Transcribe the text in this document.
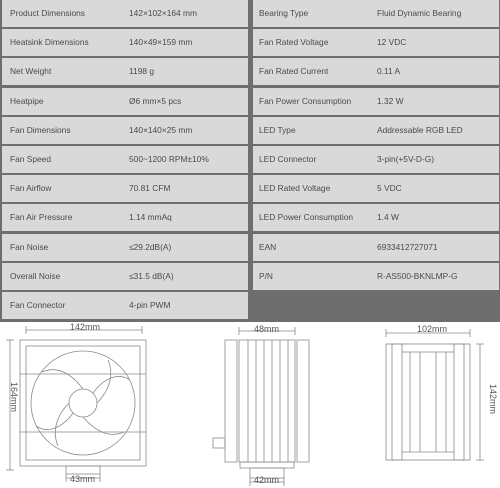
Product Dimensions	142×102×164 mm
Heatsink Dimensions	140×49×159 mm
Net Weight	1198 g
Heatpipe	Ø6 mm×5 pcs
Fan Dimensions	140×140×25 mm
Fan Speed	500~1200 RPM±10%
Fan Airflow	70.81 CFM
Fan Air Pressure	1.14 mmAq
Fan Noise	≤29.2dB(A)
Overall Noise	≤31.5 dB(A)
Fan Connector	4-pin PWM
Bearing Type	Fluid Dynamic Bearing
Fan Rated Voltage	12 VDC
Fan Rated Current	0.11 A
Fan Power Consumption	1.32 W
LED Type	Addressable RGB LED
LED Connector	3-pin(+5V-D-G)
LED Rated Voltage	5 VDC
LED Power Consumption	1.4 W
EAN	6933412727071
P/N	R-AS500-BKNLMP-G
142mm
164mm
43mm
48mm
42mm
102mm
142mm
